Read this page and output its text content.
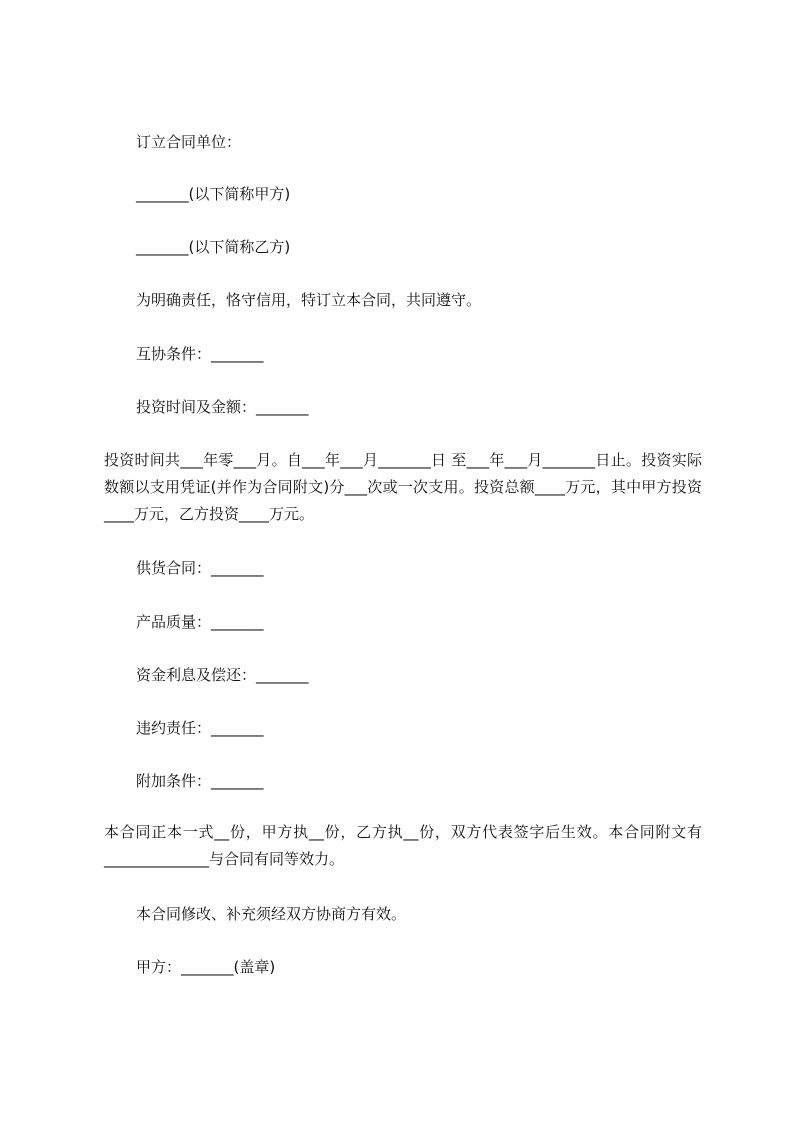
订立合同单位：
_______(以下简称甲方)
_______(以下简称乙方)
为明确责任，恪守信用，特订立本合同，共同遵守。
互协条件：_______
投资时间及金额：_______
投资时间共___年零___月。自___年___月_______日 至___年___月_______日止。投资实际数额以支用凭证(并作为合同附文)分___次或一次支用。投资总额____万元，其中甲方投资____万元，乙方投资____万元。
供货合同：_______
产品质量：_______
资金利息及偿还：_______
违约责任：_______
附加条件：_______
本合同正本一式__份，甲方执__份，乙方执__份，双方代表签字后生效。本合同附文有______________与合同有同等效力。
本合同修改、补充须经双方协商方有效。
甲方：_______(盖章)
